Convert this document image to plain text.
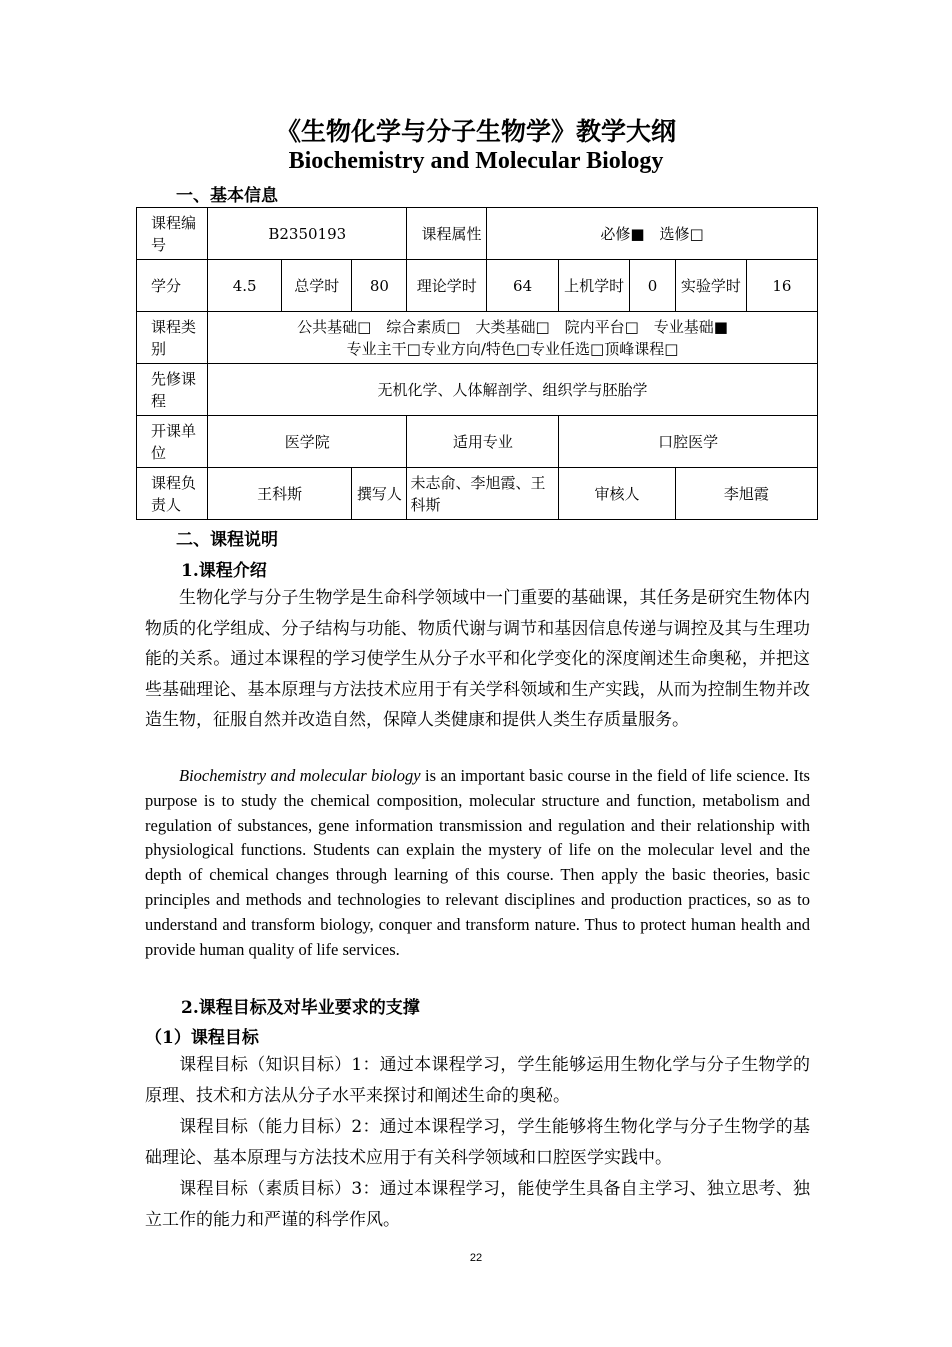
《生物化学与分子生物学》教学大纲
Biochemistry and Molecular Biology
一、基本信息
课程编号	B2350193			课程属性	必修■　选修□				
学分	4.5	总学时	80	理论学时	64	上机学时	0	实验学时	16
课程类别	公共基础□　综合素质□　大类基础□　院内平台□　专业基础■
专业主干□专业方向/特色□专业任选□顶峰课程□								

先修课程	无机化学、人体解剖学、组织学与胚胎学								
开课单位	医学院			适用专业		口腔医学			
课程负责人	王科斯		撰写人	未志俞、李旭霞、王科斯		审核人		李旭霞	
二、课程说明
1.课程介绍
生物化学与分子生物学是生命科学领域中一门重要的基础课，其任务是研究生物体内物质的化学组成、分子结构与功能、物质代谢与调节和基因信息传递与调控及其与生理功能的关系。通过本课程的学习使学生从分子水平和化学变化的深度阐述生命奥秘，并把这些基础理论、基本原理与方法技术应用于有关学科领域和生产实践，从而为控制生物并改造生物，征服自然并改造自然，保障人类健康和提供人类生存质量服务。
Biochemistry and molecular biology is an important basic course in the field of life science. Its purpose is to study the chemical composition, molecular structure and function, metabolism and regulation of substances, gene information transmission and regulation and their relationship with physiological functions. Students can explain the mystery of life on the molecular level and the depth of chemical changes through learning of this course. Then apply the basic theories, basic principles and methods and technologies to relevant disciplines and production practices, so as to understand and transform biology, conquer and transform nature. Thus to protect human health and provide human quality of life services.
2.课程目标及对毕业要求的支撑
（1）课程目标
课程目标（知识目标）1：通过本课程学习，学生能够运用生物化学与分子生物学的原理、技术和方法从分子水平来探讨和阐述生命的奥秘。
课程目标（能力目标）2：通过本课程学习，学生能够将生物化学与分子生物学的基础理论、基本原理与方法技术应用于有关科学领域和口腔医学实践中。
课程目标（素质目标）3：通过本课程学习，能使学生具备自主学习、独立思考、独立工作的能力和严谨的科学作风。
22
